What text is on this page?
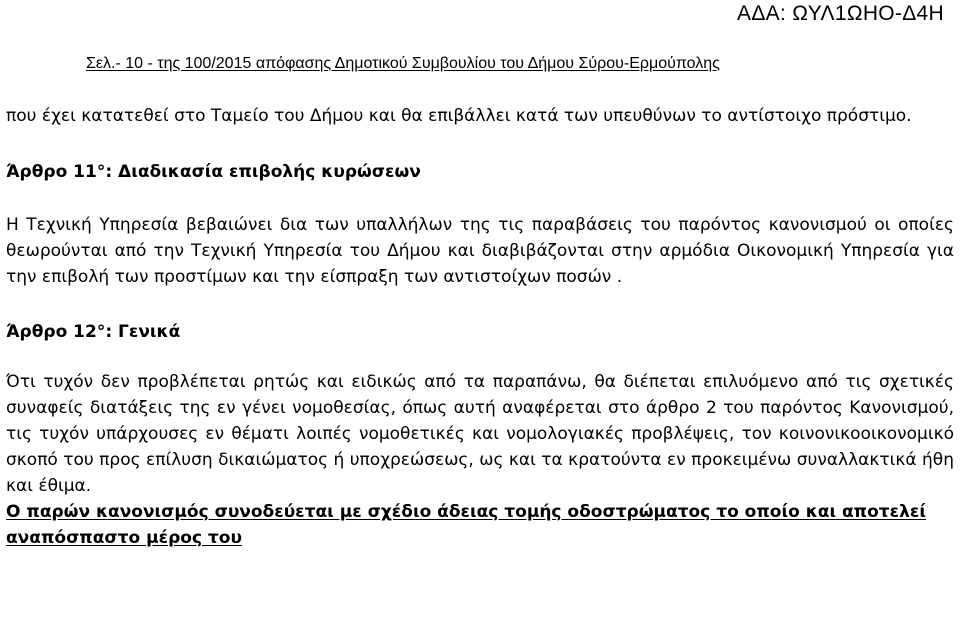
ΑΔΑ: ΩΥΛ1ΩΗΟ-Δ4Η
Σελ.- 10 - της 100/2015 απόφασης Δημοτικού Συμβουλίου του Δήμου Σύρου-Ερμούπολης

που έχει κατατεθεί στο Ταμείο του Δήμου και θα επιβάλλει κατά των υπευθύνων το αντίστοιχο πρόστιμο.

Άρθρο 11°: Διαδικασία επιβολής κυρώσεων

Η Τεχνική Υπηρεσία βεβαιώνει δια των υπαλλήλων της τις παραβάσεις του παρόντος κανονισμού οι οποίες θεωρούνται από την Τεχνική Υπηρεσία του Δήμου και διαβιβάζονται στην αρμόδια Οικονομική Υπηρεσία για την επιβολή των προστίμων και την είσπραξη των αντιστοίχων ποσών .

Άρθρο 12°: Γενικά

Ότι τυχόν δεν προβλέπεται ρητώς και ειδικώς από τα παραπάνω, θα διέπεται επιλυόμενο από τις σχετικές συναφείς διατάξεις της εν γένει νομοθεσίας, όπως αυτή αναφέρεται στο άρθρο 2 του παρόντος Κανονισμού, τις τυχόν υπάρχουσες εν θέματι λοιπές νομοθετικές και νομολογιακές προβλέψεις, τον κοινονικοοικονομικό σκοπό του προς επίλυση δικαιώματος ή υποχρεώσεως, ως και τα κρατούντα εν προκειμένω συναλλακτικά ήθη και έθιμα.

Ο παρών κανονισμός συνοδεύεται με σχέδιο άδειας τομής οδοστρώματος το οποίο και αποτελεί αναπόσπαστο μέρος του
